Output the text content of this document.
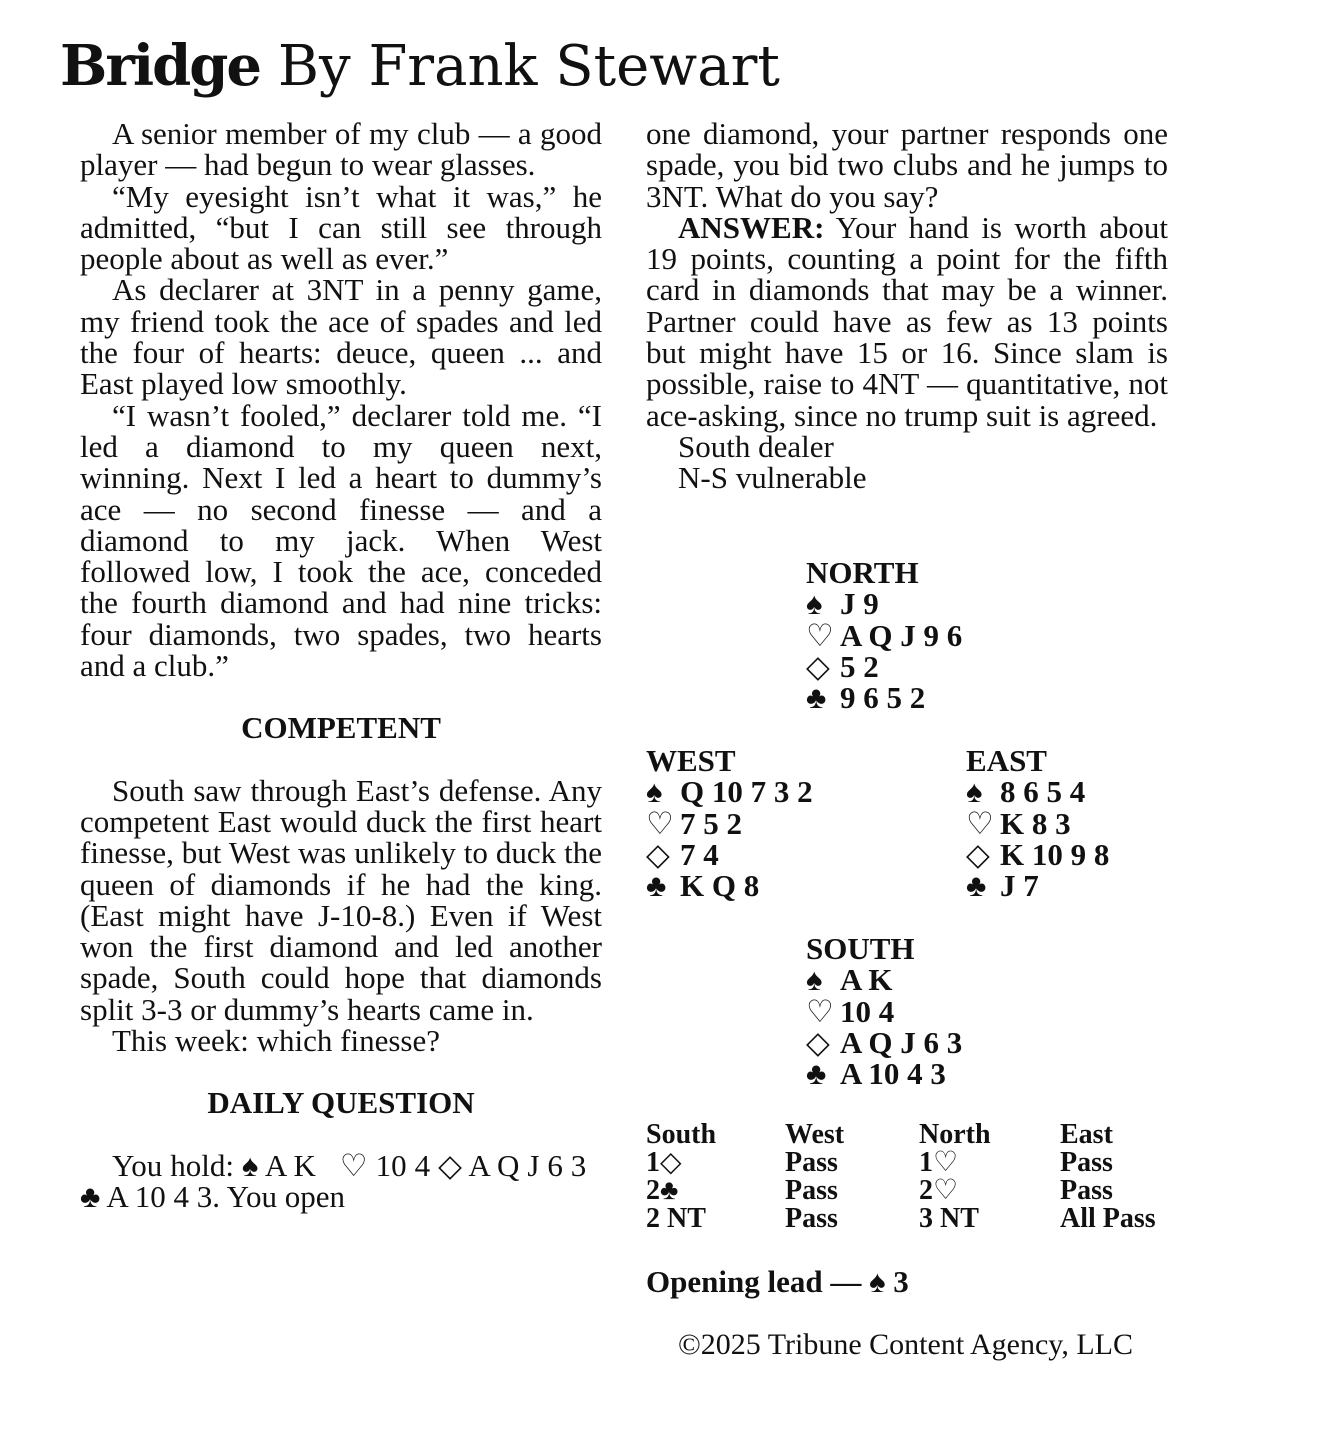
Bridge By Frank Stewart

A senior member of my club — a good player — had begun to wear glasses.

“My eyesight isn’t what it was,” he admitted, “but I can still see through people about as well as ever.”

As declarer at 3NT in a penny game, my friend took the ace of spades and led the four of hearts: deuce, queen ... and East played low smoothly.

“I wasn’t fooled,” declarer told me. “I led a diamond to my queen next, winning. Next I led a heart to dummy’s ace — no second finesse — and a diamond to my jack. When West followed low, I took the ace, conceded the fourth diamond and had nine tricks: four diamonds, two spades, two hearts and a club.”

COMPETENT

South saw through East’s defense. Any competent East would duck the first heart finesse, but West was unlikely to duck the queen of diamonds if he had the king. (East might have J-10-8.) Even if West won the first diamond and led another spade, South could hope that diamonds split 3-3 or dummy’s hearts came in.

This week: which finesse?

DAILY QUESTION

You hold: ♠ A K ♡ 10 4 ◇ A Q J 6 3   ♣ A 10 4 3. You open

one diamond, your partner responds one spade, you bid two clubs and he jumps to 3NT. What do you say?

ANSWER: Your hand is worth about 19 points, counting a point for the fifth card in diamonds that may be a winner. Partner could have as few as 13 points but might have 15 or 16. Since slam is possible, raise to 4NT — quantitative, not ace-asking, since no trump suit is agreed.

South dealer
N-S vulnerable
NORTH
♠ J 9
♡ A Q J 9 6
◇ 5 2
♣ 9 6 5 2
WEST
♠ Q 10 7 3 2
♡ 7 5 2
◇ 7 4
♣ K Q 8
EAST
♠ 8 6 5 4
♡ K 8 3
◇ K 10 9 8
♣ J 7
SOUTH
♠ A K
♡ 10 4
◇ A Q J 6 3
♣ A 10 4 3
South West	North East
1◇	Pass	1♡	Pass
2♣	Pass	2♡	Pass
2 NT	Pass	3 NT	All Pass
Opening lead — ♠ 3
©2025 Tribune Content Agency, LLC
